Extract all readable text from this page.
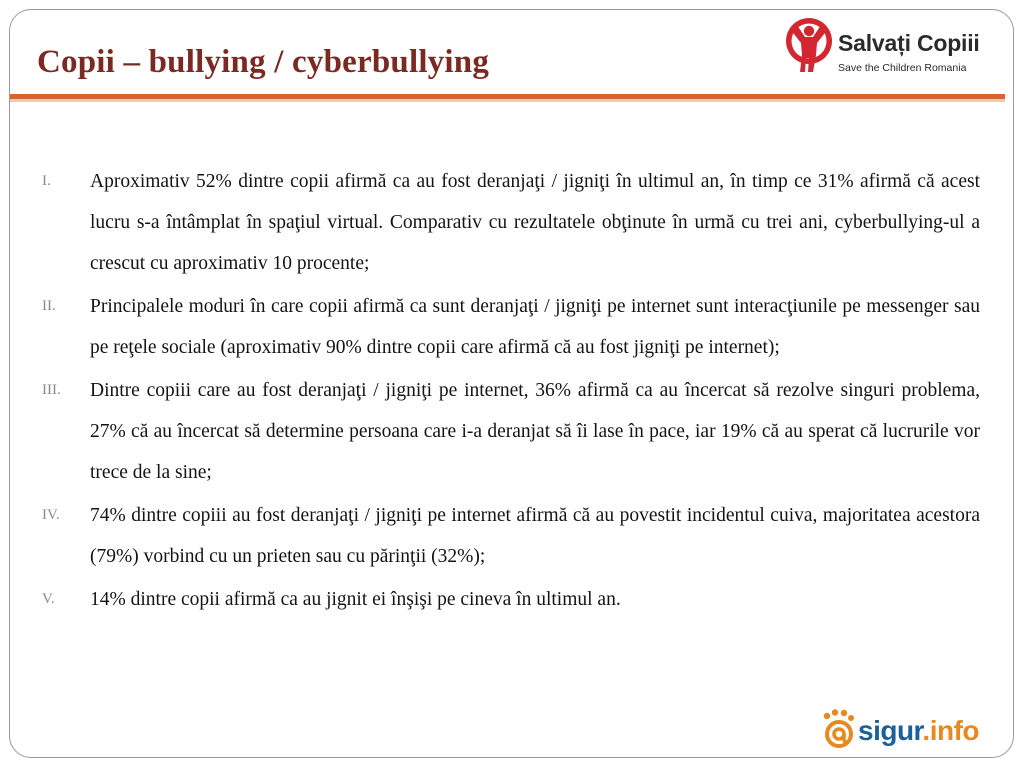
Copii – bullying / cyberbullying
Salvați Copiii
Save the Children Romania
I.	Aproximativ 52% dintre copii afirmă ca au fost deranjaţi / jigniţi în ultimul an, în timp ce 31% afirmă că acest lucru s-a întâmplat în spaţiul virtual. Comparativ cu rezultatele obţinute în urmă cu trei ani, cyberbullying-ul a crescut cu aproximativ 10 procente;
II.	Principalele moduri în care copii afirmă ca sunt deranjaţi / jigniţi pe internet sunt interacţiunile pe messenger sau pe reţele sociale (aproximativ 90% dintre copii care afirmă că au fost jigniţi pe internet);
III.	Dintre copiii care au fost deranjaţi / jigniţi pe internet, 36% afirmă ca au încercat să rezolve singuri problema, 27% că au încercat să determine persoana care i-a deranjat să îi lase în pace, iar 19% că au sperat că lucrurile vor trece de la sine;
IV.	74% dintre copiii au fost deranjaţi / jigniţi pe internet afirmă că au povestit incidentul cuiva, majoritatea acestora (79%) vorbind cu un prieten sau cu părinţii (32%);
V.	14% dintre copii afirmă ca au jignit ei înşişi pe cineva în ultimul an.
sigur.info
